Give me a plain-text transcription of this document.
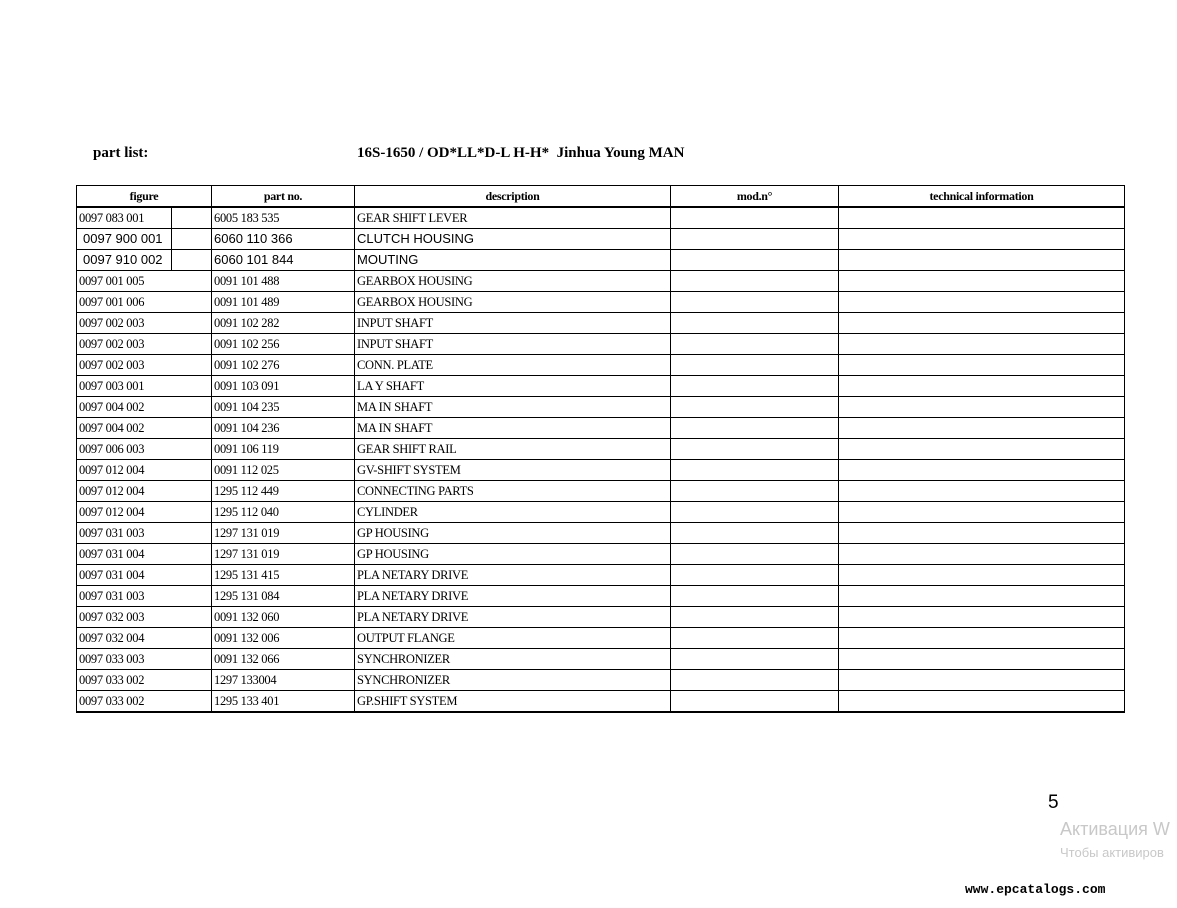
part list:	16S-1650 / OD*LL*D-L H-H*  Jinhua Young MAN
figure	part no.	description	mod.n°	technical information
0097 083 001	6005 183 535	GEAR SHIFT LEVER		
0097 900 001	6060 110 366	CLUTCH HOUSING		
0097 910 002	6060 101 844	MOUTING		
0097 001 005	0091 101 488	GEARBOX HOUSING		
0097 001 006	0091 101 489	GEARBOX HOUSING		
0097 002 003	0091 102 282	INPUT SHAFT		
0097 002 003	0091 102 256	INPUT SHAFT		
0097 002 003	0091 102 276	CONN. PLATE		
0097 003 001	0091 103 091	LA Y SHAFT		
0097 004 002	0091 104 235	MA IN SHAFT		
0097 004 002	0091 104 236	MA IN SHAFT		
0097 006 003	0091 106 119	GEAR SHIFT RAIL		
0097 012 004	0091 112 025	GV-SHIFT SYSTEM		
0097 012 004	1295 112 449	CONNECTING PARTS		
0097 012 004	1295 112 040	CYLINDER		
0097 031 003	1297 131 019	GP HOUSING		
0097 031 004	1297 131 019	GP HOUSING		
0097 031 004	1295 131 415	PLA NETARY DRIVE		
0097 031 003	1295 131 084	PLA NETARY DRIVE		
0097 032 003	0091 132 060	PLA NETARY DRIVE		
0097 032 004	0091 132 006	OUTPUT FLANGE		
0097 033 003	0091 132 066	SYNCHRONIZER		
0097 033 002	1297 133004	SYNCHRONIZER		
0097 033 002	1295 133 401	GP.SHIFT SYSTEM		
5
Активация W
Чтобы активиров
www.epcatalogs.com
